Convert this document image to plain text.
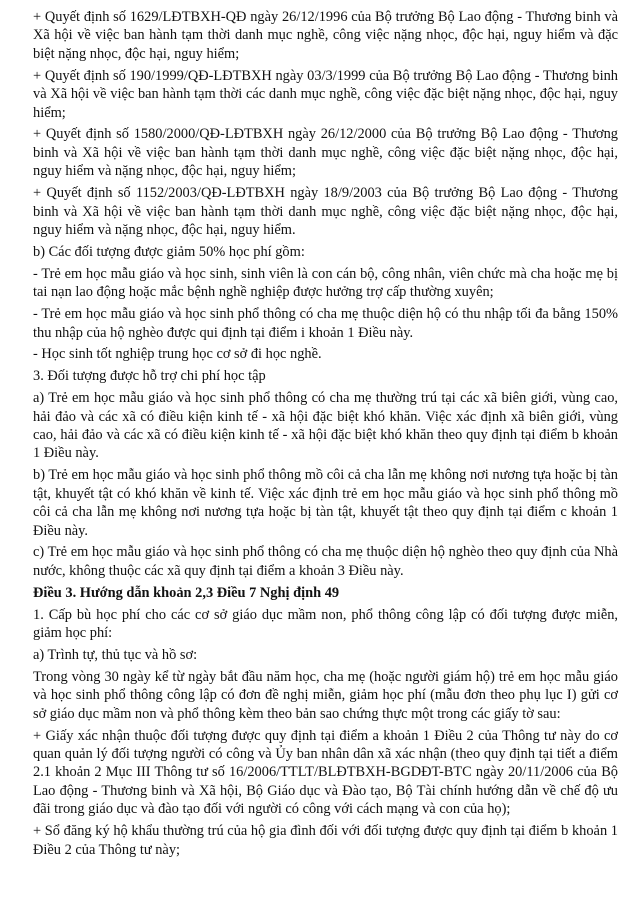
+ Quyết định số 1629/LĐTBXH-QĐ ngày 26/12/1996 của Bộ trưởng Bộ Lao động - Thương binh và Xã hội về việc ban hành tạm thời danh mục nghề, công việc nặng nhọc, độc hại, nguy hiểm và đặc biệt nặng nhọc, độc hại, nguy hiểm;

+ Quyết định số 190/1999/QĐ-LĐTBXH ngày 03/3/1999 của Bộ trưởng Bộ Lao động - Thương binh và Xã hội về việc ban hành tạm thời các danh mục nghề, công việc đặc biệt nặng nhọc, độc hại, nguy hiểm;

+ Quyết định số 1580/2000/QĐ-LĐTBXH ngày 26/12/2000 của Bộ trưởng Bộ Lao động - Thương binh và Xã hội về việc ban hành tạm thời danh mục nghề, công việc đặc biệt nặng nhọc, độc hại, nguy hiểm và nặng nhọc, độc hại, nguy hiểm;

+ Quyết định số 1152/2003/QĐ-LĐTBXH ngày 18/9/2003 của Bộ trưởng Bộ Lao động - Thương binh và Xã hội về việc ban hành tạm thời danh mục nghề, công việc đặc biệt nặng nhọc, độc hại, nguy hiểm và nặng nhọc, độc hại, nguy hiểm.

b) Các đối tượng được giảm 50% học phí gồm:

- Trẻ em học mẫu giáo và học sinh, sinh viên là con cán bộ, công nhân, viên chức mà cha hoặc mẹ bị tai nạn lao động hoặc mắc bệnh nghề nghiệp được hưởng trợ cấp thường xuyên;

- Trẻ em học mẫu giáo và học sinh phổ thông có cha mẹ thuộc diện hộ có thu nhập tối đa bằng 150% thu nhập của hộ nghèo được qui định tại điểm i khoản 1 Điều này.

- Học sinh tốt nghiệp trung học cơ sở đi học nghề.

3. Đối tượng được hỗ trợ chi phí học tập

a) Trẻ em học mẫu giáo và học sinh phổ thông có cha mẹ thường trú tại các xã biên giới, vùng cao, hải đảo và các xã có điều kiện kinh tế - xã hội đặc biệt khó khăn. Việc xác định xã biên giới, vùng cao, hải đảo và các xã có điều kiện kinh tế - xã hội đặc biệt khó khăn theo quy định tại điểm b khoản 1 Điều này.

b) Trẻ em học mẫu giáo và học sinh phổ thông mồ côi cả cha lẫn mẹ không nơi nương tựa hoặc bị tàn tật, khuyết tật có khó khăn về kinh tế. Việc xác định trẻ em học mẫu giáo và học sinh phổ thông mồ côi cả cha lẫn mẹ không nơi nương tựa hoặc bị tàn tật, khuyết tật theo quy định tại điểm c khoản 1 Điều này.

c) Trẻ em học mẫu giáo và học sinh phổ thông có cha mẹ thuộc diện hộ nghèo theo quy định của Nhà nước, không thuộc các xã quy định tại điểm a khoản 3 Điều này.

Điều 3. Hướng dẫn khoản 2,3 Điều 7 Nghị định 49

1. Cấp bù học phí cho các cơ sở giáo dục mầm non, phổ thông công lập có đối tượng được miễn, giảm học phí:

a) Trình tự, thủ tục và hồ sơ:

Trong vòng 30 ngày kể từ ngày bắt đầu năm học, cha mẹ (hoặc người giám hộ) trẻ em học mẫu giáo và học sinh phổ thông công lập có đơn đề nghị miễn, giảm học phí (mẫu đơn theo phụ lục I) gửi cơ sở giáo dục mầm non và phổ thông kèm theo bản sao chứng thực một trong các giấy tờ sau:

+ Giấy xác nhận thuộc đối tượng được quy định tại điểm a khoản 1 Điều 2 của Thông tư này do cơ quan quản lý đối tượng người có công và Ủy ban nhân dân xã xác nhận (theo quy định tại tiết a điểm 2.1 khoản 2 Mục III Thông tư số 16/2006/TTLT/BLĐTBXH-BGDĐT-BTC ngày 20/11/2006 của Bộ Lao động - Thương binh và Xã hội, Bộ Giáo dục và Đào tạo, Bộ Tài chính hướng dẫn về chế độ ưu đãi trong giáo dục và đào tạo đối với người có công với cách mạng và con của họ);

+ Sổ đăng ký hộ khẩu thường trú của hộ gia đình đối với đối tượng được quy định tại điểm b khoản 1 Điều 2 của Thông tư này;
